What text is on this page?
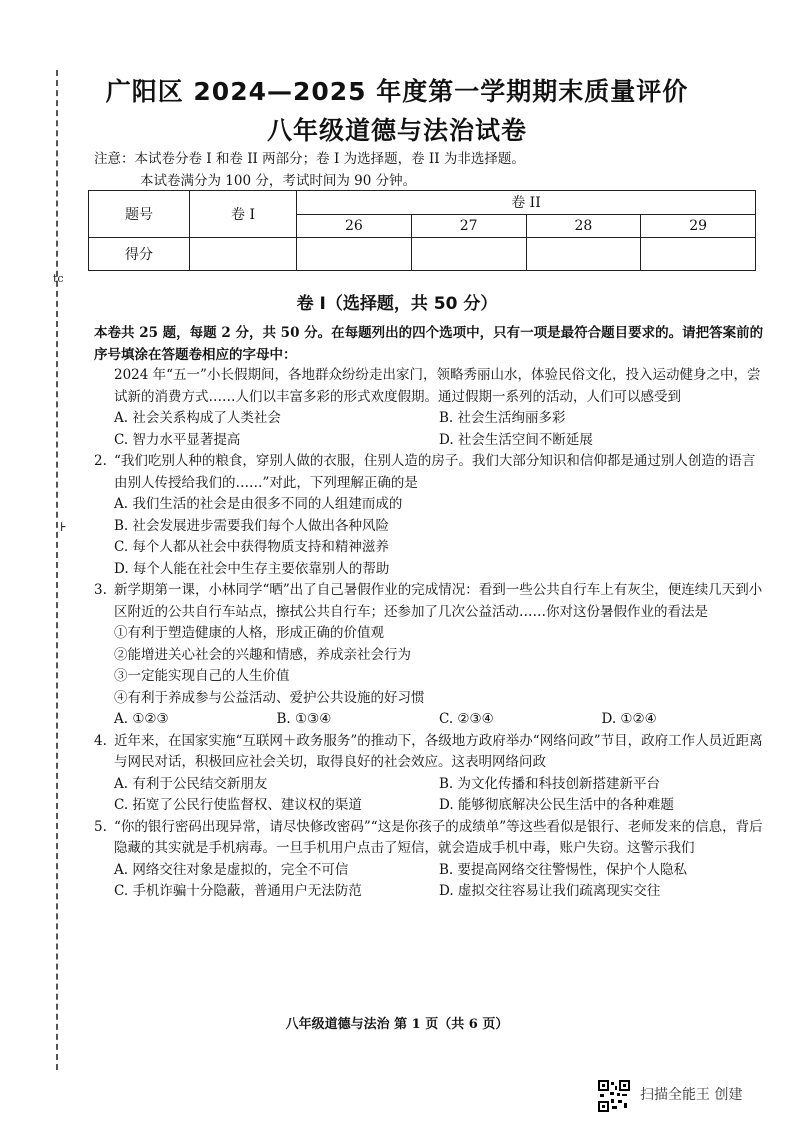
tc
⊦
广阳区 2024—2025 年度第一学期期末质量评价
八年级道德与法治试卷
注意：本试卷分卷 I 和卷 II 两部分；卷 I 为选择题，卷 II 为非选择题。
本试卷满分为 100 分，考试时间为 90 分钟。
题号	卷 I	卷 II			
		26	27	28	29
得分					
卷 I（选择题，共 50 分）
本卷共 25 题，每题 2 分，共 50 分。在每题列出的四个选项中，只有一项是最符合题目要求的。请把答案前的序号填涂在答题卷相应的字母中：
2024 年“五一”小长假期间，各地群众纷纷走出家门，领略秀丽山水，体验民俗文化，投入运动健身之中，尝试新的消费方式……人们以丰富多彩的形式欢度假期。通过假期一系列的活动，人们可以感受到
A. 社会关系构成了人类社会	B. 社会生活绚丽多彩
C. 智力水平显著提高	D. 社会生活空间不断延展
2. “我们吃别人种的粮食，穿别人做的衣服，住别人造的房子。我们大部分知识和信仰都是通过别人创造的语言由别人传授给我们的……”对此，下列理解正确的是
A. 我们生活的社会是由很多不同的人组建而成的
B. 社会发展进步需要我们每个人做出各种风险
C. 每个人都从社会中获得物质支持和精神滋养
D. 每个人能在社会中生存主要依靠别人的帮助
3. 新学期第一课，小林同学“晒”出了自己暑假作业的完成情况：看到一些公共自行车上有灰尘，便连续几天到小区附近的公共自行车站点，擦拭公共自行车；还参加了几次公益活动……你对这份暑假作业的看法是
①有利于塑造健康的人格，形成正确的价值观
②能增进关心社会的兴趣和情感，养成亲社会行为
③一定能实现自己的人生价值
④有利于养成参与公益活动、爱护公共设施的好习惯
A. ①②③	B. ①③④	C. ②③④	D. ①②④
4. 近年来，在国家实施“互联网＋政务服务”的推动下，各级地方政府举办“网络问政”节目，政府工作人员近距离与网民对话，积极回应社会关切，取得良好的社会效应。这表明网络问政
A. 有利于公民结交新朋友	B. 为文化传播和科技创新搭建新平台
C. 拓宽了公民行使监督权、建议权的渠道	D. 能够彻底解决公民生活中的各种难题
5. “你的银行密码出现异常，请尽快修改密码”“这是你孩子的成绩单”等这些看似是银行、老师发来的信息，背后隐藏的其实就是手机病毒。一旦手机用户点击了短信，就会造成手机中毒，账户失窃。这警示我们
A. 网络交往对象是虚拟的，完全不可信	B. 要提高网络交往警惕性，保护个人隐私
C. 手机诈骗十分隐蔽，普通用户无法防范	D. 虚拟交往容易让我们疏离现实交往
八年级道德与法治 第 1 页（共 6 页）
扫描全能王 创建
